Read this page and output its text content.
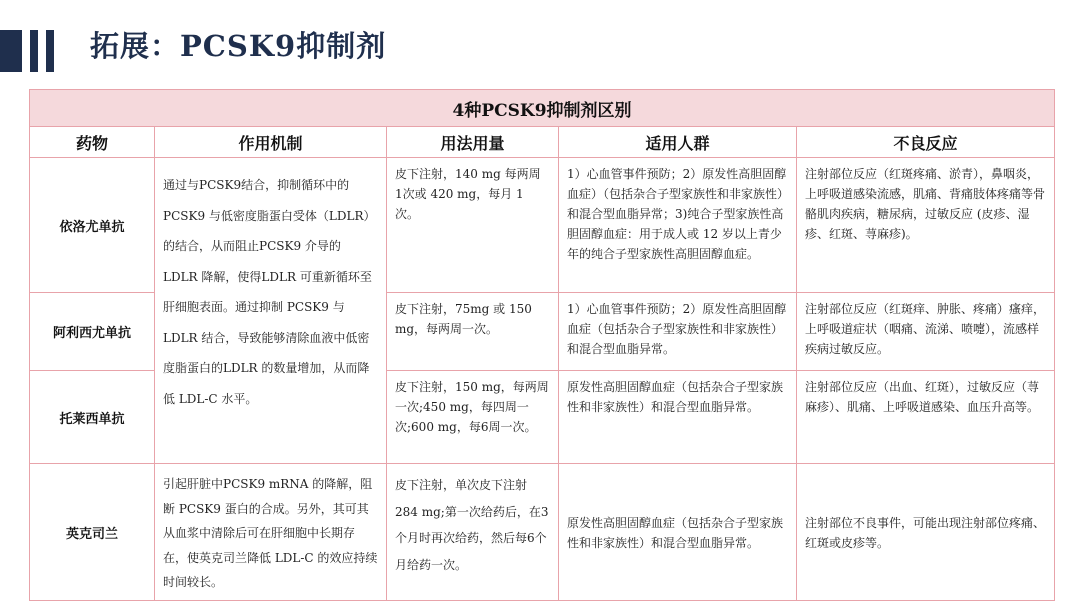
拓展：PCSK9抑制剂
4种PCSK9抑制剂区别				
药物	作用机制	用法用量	适用人群	不良反应
依洛尤单抗	通过与PCSK9结合，抑制循环中的PCSK9 与低密度脂蛋白受体（LDLR）的结合，从而阻止PCSK9 介导的 LDLR 降解，使得LDLR 可重新循环至肝细胞表面。通过抑制 PCSK9 与 LDLR 结合，导致能够清除血液中低密度脂蛋白的LDLR 的数量增加，从而降低 LDL-C 水平。	皮下注射，140 mg 每两周 1次或 420 mg，每月 1 次。	1）心血管事件预防；2）原发性高胆固醇血症）（包括杂合子型家族性和非家族性）和混合型血脂异常；3)纯合子型家族性高胆固醇血症：用于成人或 12 岁以上青少年的纯合子型家族性高胆固醇血症。	注射部位反应（红斑疼痛、淤青），鼻咽炎，上呼吸道感染流感，肌痛、背痛肢体疼痛等骨骼肌肉疾病，糖尿病，过敏反应 (皮疹、湿疹、红斑、荨麻疹)。
阿利西尤单抗		皮下注射，75mg 或 150 mg，每两周一次。	1）心血管事件预防；2）原发性高胆固醇血症（包括杂合子型家族性和非家族性）和混合型血脂异常。	注射部位反应（红斑痒、肿胀、疼痛）瘙痒，上呼吸道症状（咽痛、流涕、喷嚏），流感样疾病过敏反应。
托莱西单抗		皮下注射，150 mg，每两周一次;450 mg，每四周一次;600 mg，每6周一次。	原发性高胆固醇血症（包括杂合子型家族性和非家族性）和混合型血脂异常。	注射部位反应（出血、红斑），过敏反应（荨麻疹）、肌痛、上呼吸道感染、血压升高等。
英克司兰	引起肝脏中PCSK9 mRNA 的降解，阻断 PCSK9 蛋白的合成。另外，其可其从血浆中清除后可在肝细胞中长期存在，使英克司兰降低 LDL-C 的效应持续时间较长。	皮下注射，单次皮下注射 284 mg;第一次给药后，在3个月时再次给药，然后每6个月给药一次。	原发性高胆固醇血症（包括杂合子型家族性和非家族性）和混合型血脂异常。	注射部位不良事件，可能出现注射部位疼痛、红斑或皮疹等。
